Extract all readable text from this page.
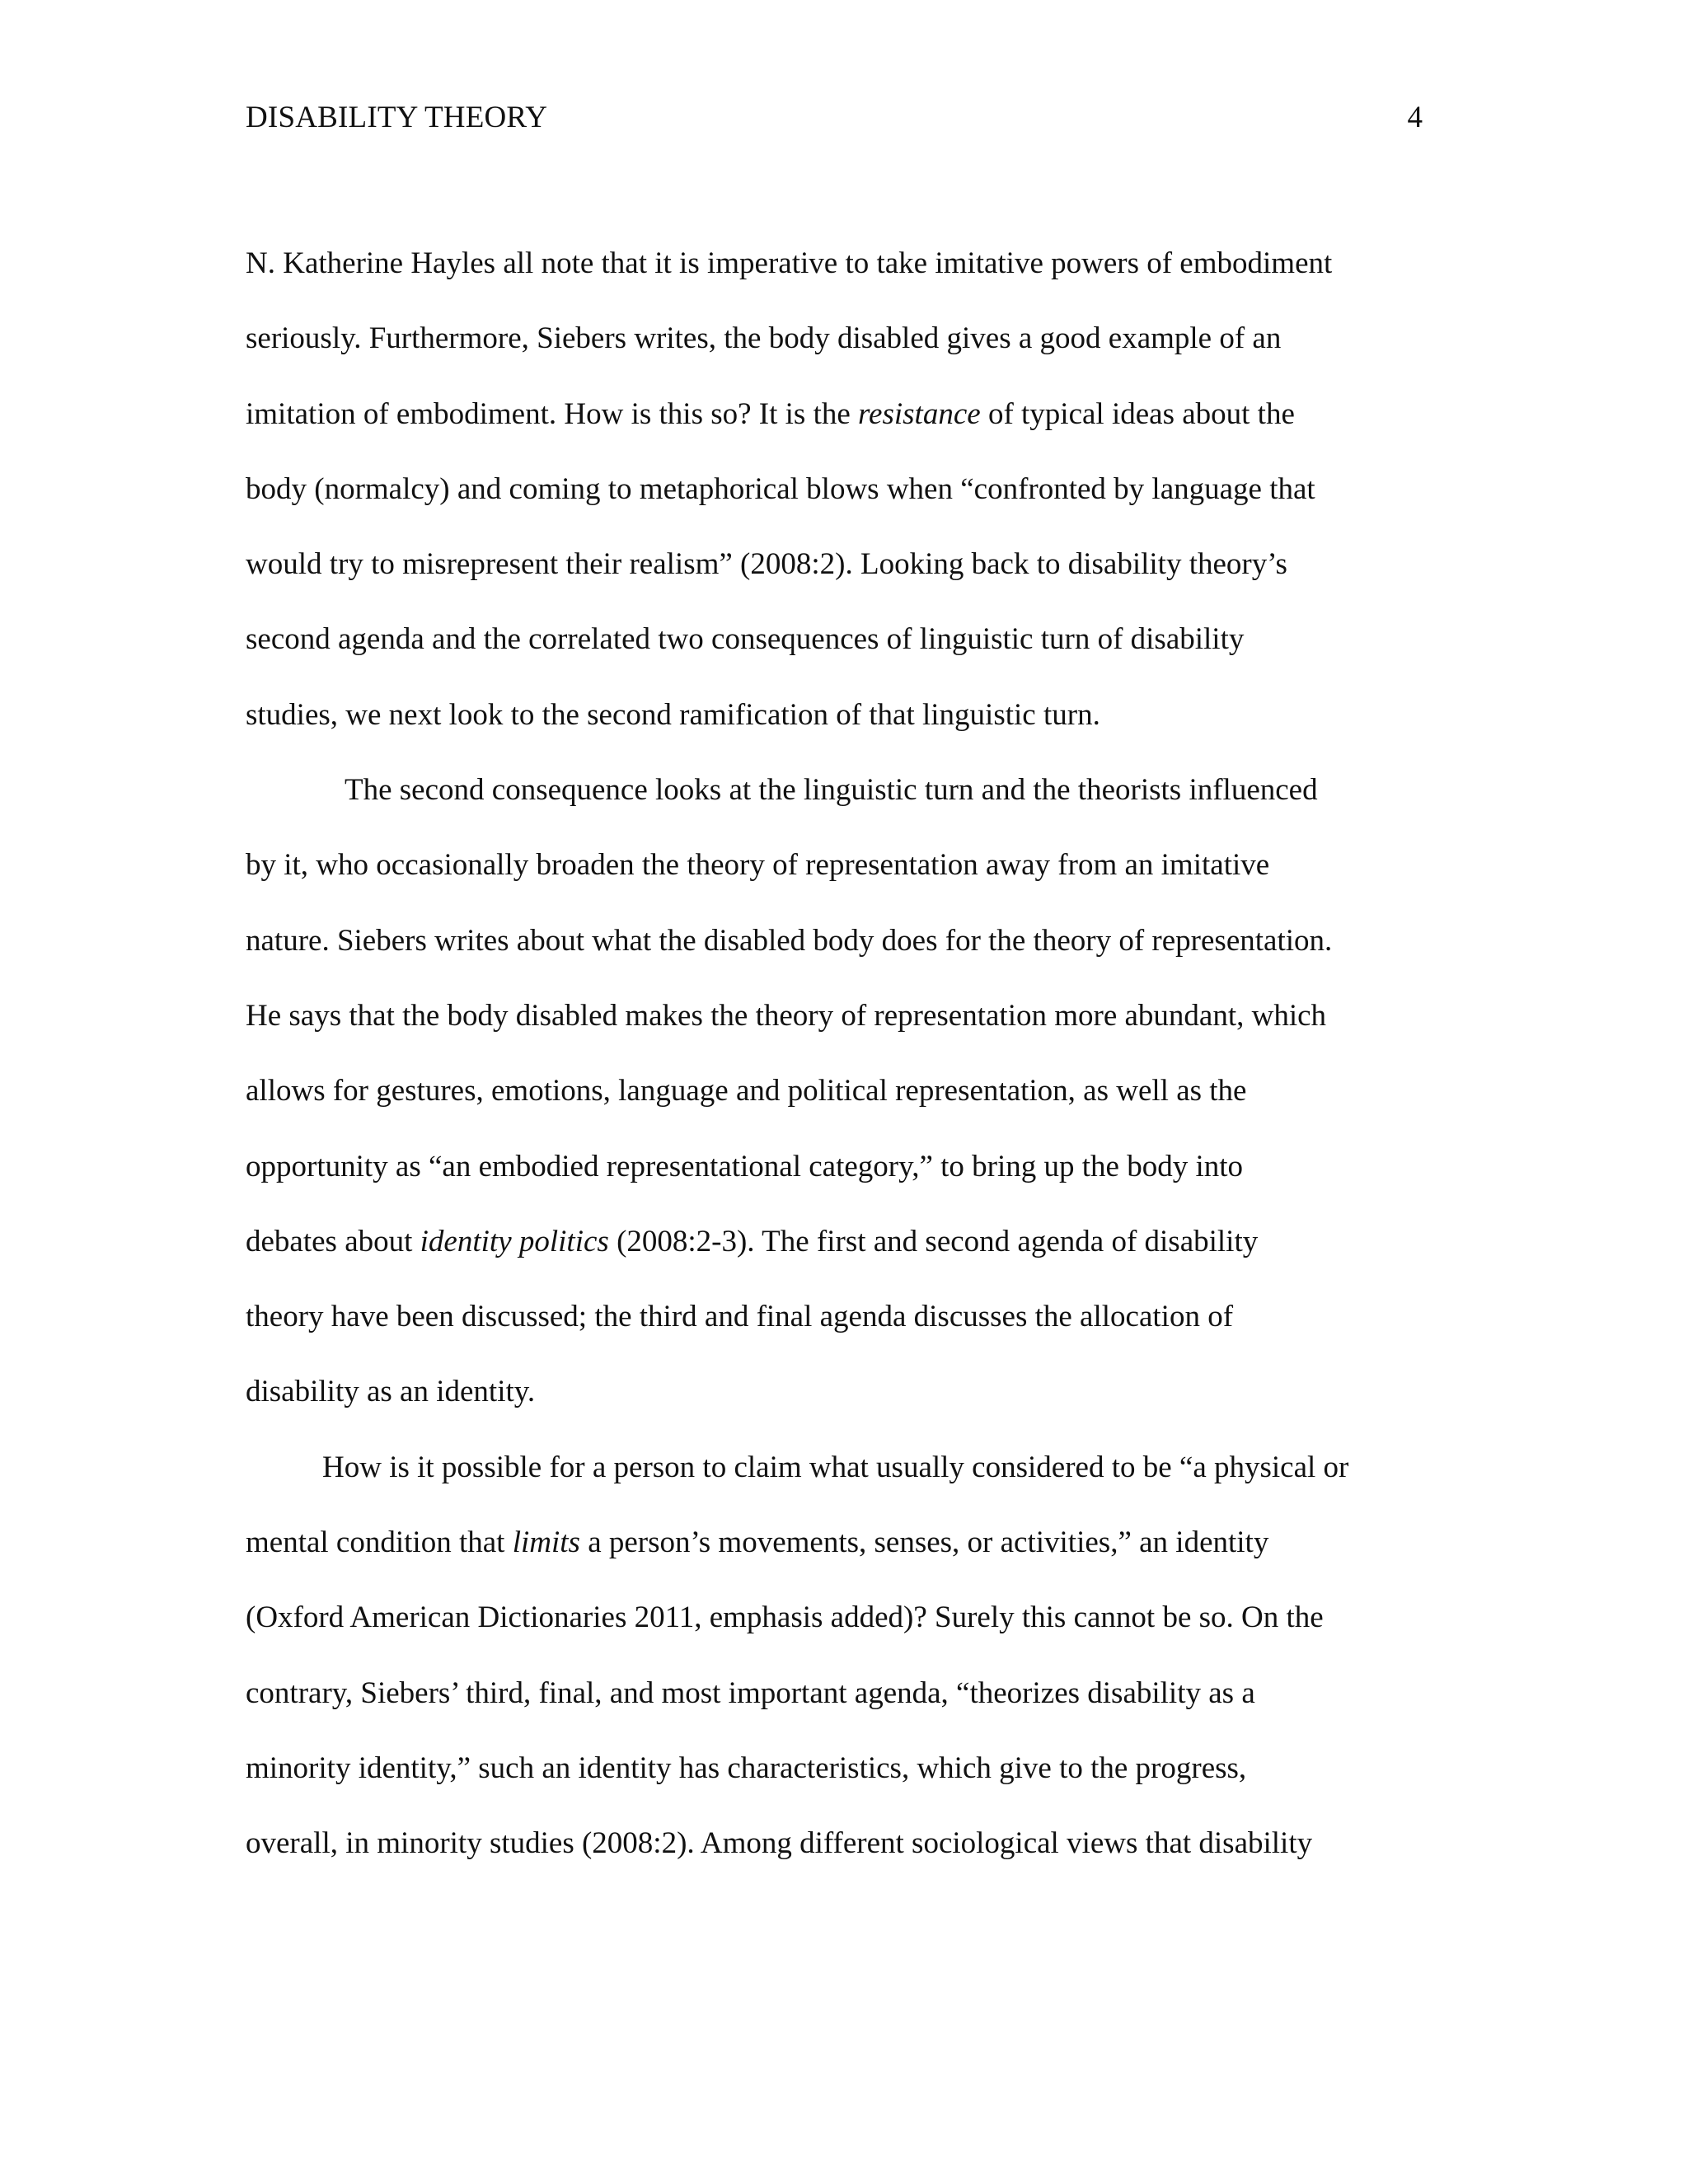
DISABILITY THEORY	4
N. Katherine Hayles all note that it is imperative to take imitative powers of embodiment
seriously. Furthermore, Siebers writes, the body disabled gives a good example of an
imitation of embodiment. How is this so? It is the resistance of typical ideas about the
body (normalcy) and coming to metaphorical blows when “confronted by language that
would try to misrepresent their realism” (2008:2). Looking back to disability theory’s
second agenda and the correlated two consequences of linguistic turn of disability
studies, we next look to the second ramification of that linguistic turn.
The second consequence looks at the linguistic turn and the theorists influenced
by it, who occasionally broaden the theory of representation away from an imitative
nature. Siebers writes about what the disabled body does for the theory of representation.
He says that the body disabled makes the theory of representation more abundant, which
allows for gestures, emotions, language and political representation, as well as the
opportunity as “an embodied representational category,” to bring up the body into
debates about identity politics (2008:2-3). The first and second agenda of disability
theory have been discussed; the third and final agenda discusses the allocation of
disability as an identity.
How is it possible for a person to claim what usually considered to be “a physical or
mental condition that limits a person’s movements, senses, or activities,” an identity
(Oxford American Dictionaries 2011, emphasis added)? Surely this cannot be so. On the
contrary, Siebers’ third, final, and most important agenda, “theorizes disability as a
minority identity,” such an identity has characteristics, which give to the progress,
overall, in minority studies (2008:2). Among different sociological views that disability
